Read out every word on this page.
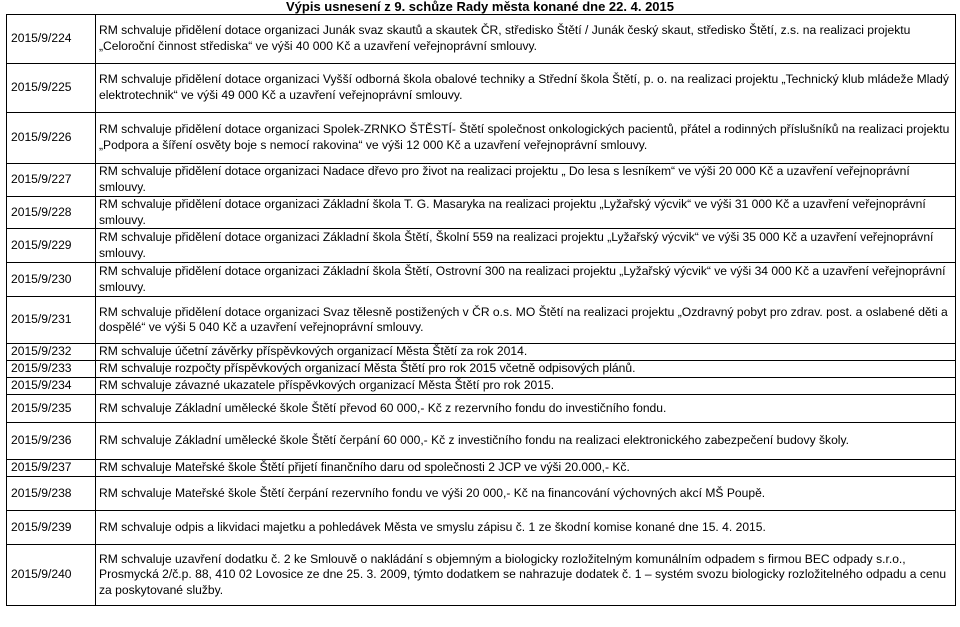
Výpis usnesení z 9. schůze Rady města konané dne 22. 4. 2015
2015/9/224	RM schvaluje přidělení dotace organizaci Junák svaz skautů a skautek ČR, středisko Štětí / Junák český skaut, středisko Štětí, z.s. na realizaci projektu „Celoroční činnost střediska“ ve výši 40 000 Kč a uzavření veřejnoprávní smlouvy.
2015/9/225	RM schvaluje přidělení dotace organizaci Vyšší odborná škola obalové techniky a Střední škola Štětí, p. o. na realizaci projektu „Technický klub mládeže Mladý elektrotechnik“ ve výši 49 000 Kč a uzavření veřejnoprávní smlouvy.
2015/9/226	RM schvaluje přidělení dotace organizaci Spolek-ZRNKO ŠTĚSTÍ- Štětí společnost onkologických pacientů, přátel a rodinných příslušníků na realizaci projektu „Podpora a šíření osvěty boje s nemocí rakovina“ ve výši 12 000 Kč a uzavření veřejnoprávní smlouvy.
2015/9/227	RM schvaluje přidělení dotace organizaci Nadace dřevo pro život na realizaci projektu „ Do lesa s lesníkem“ ve výši 20 000 Kč a uzavření veřejnoprávní smlouvy.
2015/9/228	RM schvaluje přidělení dotace organizaci Základní škola T. G. Masaryka na realizaci projektu „Lyžařský výcvik“ ve výši 31 000 Kč a uzavření veřejnoprávní smlouvy.
2015/9/229	RM schvaluje přidělení dotace organizaci Základní škola Štětí, Školní 559 na realizaci projektu „Lyžařský výcvik“ ve výši 35 000 Kč a uzavření veřejnoprávní smlouvy.
2015/9/230	RM schvaluje přidělení dotace organizaci Základní škola Štětí, Ostrovní 300 na realizaci projektu „Lyžařský výcvik“ ve výši 34 000 Kč a uzavření veřejnoprávní smlouvy.
2015/9/231	RM schvaluje přidělení dotace organizaci Svaz tělesně postižených v ČR o.s. MO Štětí na realizaci projektu „Ozdravný pobyt pro zdrav. post. a oslabené děti a dospělé“ ve výši 5 040 Kč a uzavření veřejnoprávní smlouvy.
2015/9/232	RM schvaluje účetní závěrky příspěvkových organizací Města Štětí za rok 2014.
2015/9/233	RM schvaluje rozpočty příspěvkových organizací Města Štětí pro rok 2015 včetně odpisových plánů.
2015/9/234	RM schvaluje závazné ukazatele příspěvkových organizací Města Štětí pro rok 2015.
2015/9/235	RM schvaluje Základní umělecké škole Štětí převod 60 000,- Kč z rezervního fondu do investičního fondu.
2015/9/236	RM schvaluje Základní umělecké škole Štětí čerpání 60 000,- Kč z investičního fondu na realizaci elektronického zabezpečení budovy školy.
2015/9/237	RM schvaluje Mateřské škole Štětí přijetí finančního daru od společnosti 2 JCP ve výši 20.000,- Kč.
2015/9/238	RM schvaluje Mateřské škole Štětí čerpání rezervního fondu ve výši 20 000,- Kč na financování výchovných akcí MŠ Poupě.
2015/9/239	RM schvaluje odpis a likvidaci majetku a pohledávek Města ve smyslu zápisu č. 1 ze škodní komise konané dne 15. 4. 2015.
2015/9/240	RM schvaluje uzavření dodatku č. 2 ke Smlouvě o nakládání s objemným a biologicky rozložitelným komunálním odpadem s firmou BEC odpady s.r.o., Prosmycká 2/č.p. 88, 410 02 Lovosice ze dne 25. 3. 2009, týmto dodatkem se nahrazuje dodatek č. 1 – systém svozu biologicky rozložitelného odpadu a cenu za poskytované služby.
